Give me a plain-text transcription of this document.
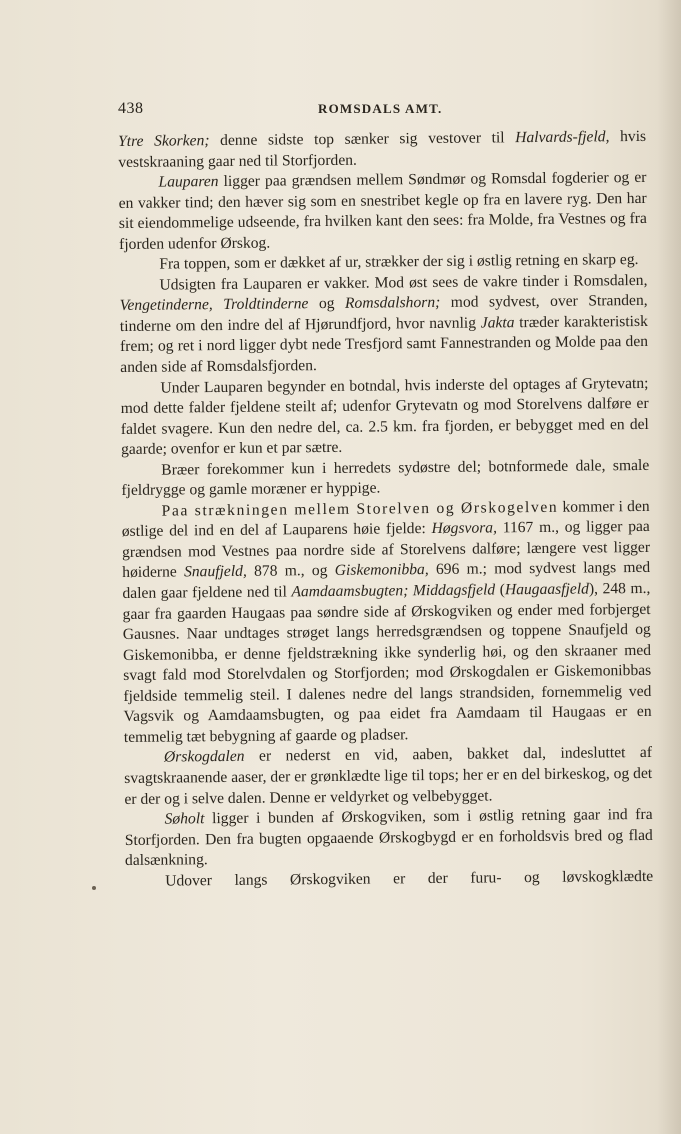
438	ROMSDALS AMT.

Ytre Skorken; denne sidste top sænker sig vestover til Halvards-fjeld, hvis vestskraaning gaar ned til Storfjorden.

Lauparen ligger paa grændsen mellem Søndmør og Romsdal fogderier og er en vakker tind; den hæver sig som en snestribet kegle op fra en lavere ryg. Den har sit eiendommelige udseende, fra hvilken kant den sees: fra Molde, fra Vestnes og fra fjorden udenfor Ørskog.

Fra toppen, som er dækket af ur, strækker der sig i østlig retning en skarp eg.

Udsigten fra Lauparen er vakker. Mod øst sees de vakre tinder i Romsdalen, Vengetinderne, Troldtinderne og Romsdalshorn; mod sydvest, over Stranden, tinderne om den indre del af Hjørundfjord, hvor navnlig Jakta træder karakteristisk frem; og ret i nord ligger dybt nede Tresfjord samt Fannestranden og Molde paa den anden side af Romsdalsfjorden.

Under Lauparen begynder en botndal, hvis inderste del optages af Grytevatn; mod dette falder fjeldene steilt af; udenfor Grytevatn og mod Storelvens dalføre er faldet svagere. Kun den nedre del, ca. 2.5 km. fra fjorden, er bebygget med en del gaarde; ovenfor er kun et par sætre.

Bræer forekommer kun i herredets sydøstre del; botnformede dale, smale fjeldrygge og gamle moræner er hyppige.

Paa strækningen mellem Storelven og Ørskogelven kommer i den østlige del ind en del af Lauparens høie fjelde: Høgsvora, 1167 m., og ligger paa grændsen mod Vestnes paa nordre side af Storelvens dalføre; længere vest ligger høiderne Snaufjeld, 878 m., og Giskemonibba, 696 m.; mod sydvest langs med dalen gaar fjeldene ned til Aamdaamsbugten; Middagsfjeld (Haugaasfjeld), 248 m., gaar fra gaarden Haugaas paa søndre side af Ørskogviken og ender med forbjerget Gausnes. Naar undtages strøget langs herredsgrændsen og toppene Snaufjeld og Giskemonibba, er denne fjeldstrækning ikke synderlig høi, og den skraaner med svagt fald mod Storelvdalen og Storfjorden; mod Ørskogdalen er Giskemonibbas fjeldside temmelig steil. I dalenes nedre del langs strandsiden, fornemmelig ved Vagsvik og Aamdaamsbugten, og paa eidet fra Aamdaam til Haugaas er en temmelig tæt bebygning af gaarde og pladser.

Ørskogdalen er nederst en vid, aaben, bakket dal, indesluttet af svagtskraanende aaser, der er grønklædte lige til tops; her er en del birkeskog, og det er der og i selve dalen. Denne er veldyrket og velbebygget.

Søholt ligger i bunden af Ørskogviken, som i østlig retning gaar ind fra Storfjorden. Den fra bugten opgaaende Ørskogbygd er en forholdsvis bred og flad dalsænkning.

Udover langs Ørskogviken er der furu- og løvskogklædte
